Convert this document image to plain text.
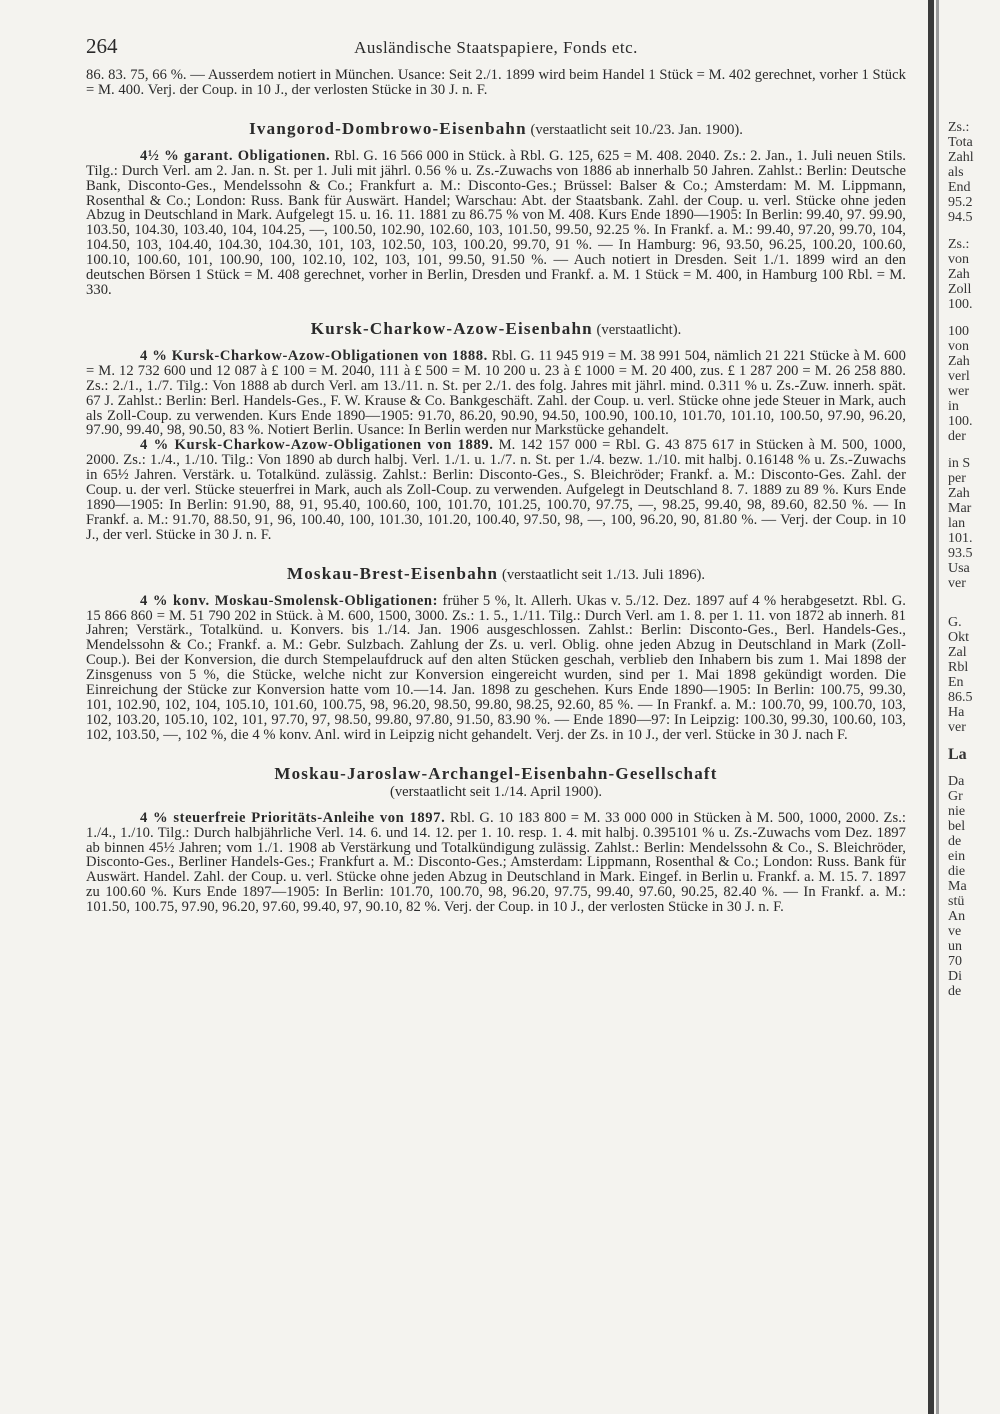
264	Ausländische Staatspapiere, Fonds etc.

86. 83. 75, 66 %. — Ausserdem notiert in München. Usance: Seit 2./1. 1899 wird beim Handel 1 Stück = M. 402 gerechnet, vorher 1 Stück = M. 400. Verj. der Coup. in 10 J., der verlosten Stücke in 30 J. n. F.

Ivangorod-Dombrowo-Eisenbahn (verstaatlicht seit 10./23. Jan. 1900).

4½ % garant. Obligationen. Rbl. G. 16 566 000 in Stück. à Rbl. G. 125, 625 = M. 408. 2040. Zs.: 2. Jan., 1. Juli neuen Stils. Tilg.: Durch Verl. am 2. Jan. n. St. per 1. Juli mit jährl. 0.56 % u. Zs.-Zuwachs von 1886 ab innerhalb 50 Jahren. Zahlst.: Berlin: Deutsche Bank, Disconto-Ges., Mendelssohn & Co.; Frankfurt a. M.: Disconto-Ges.; Brüssel: Balser & Co.; Amsterdam: M. M. Lippmann, Rosenthal & Co.; London: Russ. Bank für Auswärt. Handel; Warschau: Abt. der Staatsbank. Zahl. der Coup. u. verl. Stücke ohne jeden Abzug in Deutschland in Mark. Aufgelegt 15. u. 16. 11. 1881 zu 86.75 % von M. 408. Kurs Ende 1890—1905: In Berlin: 99.40, 97. 99.90, 103.50, 104.30, 103.40, 104, 104.25, —, 100.50, 102.90, 102.60, 103, 101.50, 99.50, 92.25 %. In Frankf. a. M.: 99.40, 97.20, 99.70, 104, 104.50, 103, 104.40, 104.30, 104.30, 101, 103, 102.50, 103, 100.20, 99.70, 91 %. — In Hamburg: 96, 93.50, 96.25, 100.20, 100.60, 100.10, 100.60, 101, 100.90, 100, 102.10, 102, 103, 101, 99.50, 91.50 %. — Auch notiert in Dresden. Seit 1./1. 1899 wird an den deutschen Börsen 1 Stück = M. 408 gerechnet, vorher in Berlin, Dresden und Frankf. a. M. 1 Stück = M. 400, in Hamburg 100 Rbl. = M. 330.

Kursk-Charkow-Azow-Eisenbahn (verstaatlicht).

4 % Kursk-Charkow-Azow-Obligationen von 1888. Rbl. G. 11 945 919 = M. 38 991 504, nämlich 21 221 Stücke à M. 600 = M. 12 732 600 und 12 087 à £ 100 = M. 2040, 111 à £ 500 = M. 10 200 u. 23 à £ 1000 = M. 20 400, zus. £ 1 287 200 = M. 26 258 880. Zs.: 2./1., 1./7. Tilg.: Von 1888 ab durch Verl. am 13./11. n. St. per 2./1. des folg. Jahres mit jährl. mind. 0.311 % u. Zs.-Zuw. innerh. spät. 67 J. Zahlst.: Berlin: Berl. Handels-Ges., F. W. Krause & Co. Bankgeschäft. Zahl. der Coup. u. verl. Stücke ohne jede Steuer in Mark, auch als Zoll-Coup. zu verwenden. Kurs Ende 1890—1905: 91.70, 86.20, 90.90, 94.50, 100.90, 100.10, 101.70, 101.10, 100.50, 97.90, 96.20, 97.90, 99.40, 98, 90.50, 83 %. Notiert Berlin. Usance: In Berlin werden nur Markstücke gehandelt.

4 % Kursk-Charkow-Azow-Obligationen von 1889. M. 142 157 000 = Rbl. G. 43 875 617 in Stücken à M. 500, 1000, 2000. Zs.: 1./4., 1./10. Tilg.: Von 1890 ab durch halbj. Verl. 1./1. u. 1./7. n. St. per 1./4. bezw. 1./10. mit halbj. 0.16148 % u. Zs.-Zuwachs in 65½ Jahren. Verstärk. u. Totalkünd. zulässig. Zahlst.: Berlin: Disconto-Ges., S. Bleichröder; Frankf. a. M.: Disconto-Ges. Zahl. der Coup. u. der verl. Stücke steuerfrei in Mark, auch als Zoll-Coup. zu verwenden. Aufgelegt in Deutschland 8. 7. 1889 zu 89 %. Kurs Ende 1890—1905: In Berlin: 91.90, 88, 91, 95.40, 100.60, 100, 101.70, 101.25, 100.70, 97.75, —, 98.25, 99.40, 98, 89.60, 82.50 %. — In Frankf. a. M.: 91.70, 88.50, 91, 96, 100.40, 100, 101.30, 101.20, 100.40, 97.50, 98, —, 100, 96.20, 90, 81.80 %. — Verj. der Coup. in 10 J., der verl. Stücke in 30 J. n. F.

Moskau-Brest-Eisenbahn (verstaatlicht seit 1./13. Juli 1896).

4 % konv. Moskau-Smolensk-Obligationen: früher 5 %, lt. Allerh. Ukas v. 5./12. Dez. 1897 auf 4 % herabgesetzt. Rbl. G. 15 866 860 = M. 51 790 202 in Stück. à M. 600, 1500, 3000. Zs.: 1. 5., 1./11. Tilg.: Durch Verl. am 1. 8. per 1. 11. von 1872 ab innerh. 81 Jahren; Verstärk., Totalkünd. u. Konvers. bis 1./14. Jan. 1906 ausgeschlossen. Zahlst.: Berlin: Disconto-Ges., Berl. Handels-Ges., Mendelssohn & Co.; Frankf. a. M.: Gebr. Sulzbach. Zahlung der Zs. u. verl. Oblig. ohne jeden Abzug in Deutschland in Mark (Zoll-Coup.). Bei der Konversion, die durch Stempelaufdruck auf den alten Stücken geschah, verblieb den Inhabern bis zum 1. Mai 1898 der Zinsgenuss von 5 %, die Stücke, welche nicht zur Konversion eingereicht wurden, sind per 1. Mai 1898 gekündigt worden. Die Einreichung der Stücke zur Konversion hatte vom 10.—14. Jan. 1898 zu geschehen. Kurs Ende 1890—1905: In Berlin: 100.75, 99.30, 101, 102.90, 102, 104, 105.10, 101.60, 100.75, 98, 96.20, 98.50, 99.80, 98.25, 92.60, 85 %. — In Frankf. a. M.: 100.70, 99, 100.70, 103, 102, 103.20, 105.10, 102, 101, 97.70, 97, 98.50, 99.80, 97.80, 91.50, 83.90 %. — Ende 1890—97: In Leipzig: 100.30, 99.30, 100.60, 103, 102, 103.50, —, 102 %, die 4 % konv. Anl. wird in Leipzig nicht gehandelt. Verj. der Zs. in 10 J., der verl. Stücke in 30 J. nach F.

Moskau-Jaroslaw-Archangel-Eisenbahn-Gesellschaft
(verstaatlicht seit 1./14. April 1900).

4 % steuerfreie Prioritäts-Anleihe von 1897. Rbl. G. 10 183 800 = M. 33 000 000 in Stücken à M. 500, 1000, 2000. Zs.: 1./4., 1./10. Tilg.: Durch halbjährliche Verl. 14. 6. und 14. 12. per 1. 10. resp. 1. 4. mit halbj. 0.395101 % u. Zs.-Zuwachs vom Dez. 1897 ab binnen 45½ Jahren; vom 1./1. 1908 ab Verstärkung und Totalkündigung zulässig. Zahlst.: Berlin: Mendelssohn & Co., S. Bleichröder, Disconto-Ges., Berliner Handels-Ges.; Frankfurt a. M.: Disconto-Ges.; Amsterdam: Lippmann, Rosenthal & Co.; London: Russ. Bank für Auswärt. Handel. Zahl. der Coup. u. verl. Stücke ohne jeden Abzug in Deutschland in Mark. Eingef. in Berlin u. Frankf. a. M. 15. 7. 1897 zu 100.60 %. Kurs Ende 1897—1905: In Berlin: 101.70, 100.70, 98, 96.20, 97.75, 99.40, 97.60, 90.25, 82.40 %. — In Frankf. a. M.: 101.50, 100.75, 97.90, 96.20, 97.60, 99.40, 97, 90.10, 82 %. Verj. der Coup. in 10 J., der verlosten Stücke in 30 J. n. F.

Zs.:
Tota
Zahl
als
End
95.2
94.5
Zs.:
von
Zah
Zoll
100.
100
von
Zah
verl
wer
in
100.
der
in S
per
Zah
Mar
lan
101.
93.5
Usa
ver
G.
Okt
Zal
Rbl
En
86.5
Ha
ver
La
Da
Gr
nie
bel
de
ein
die
Ma
stü
An
ve
un
70
Di
de
